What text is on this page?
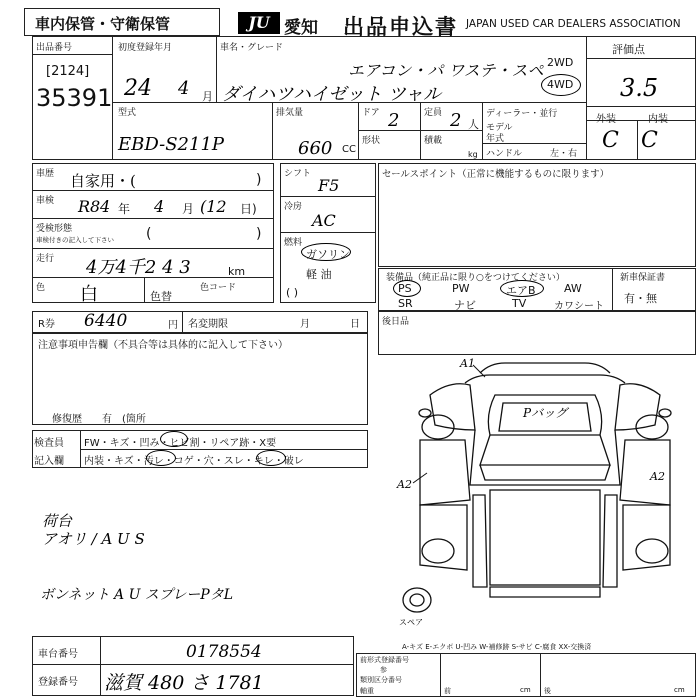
車内保管・守衛保管	JU 愛知 出品申込書 JAPAN USED CAR DEALERS ASSOCIATION
出品番号
[2124]
35391
初度登録年月
24 4 月
車名・グレード
エアコン・パ ワステ・スペ
ダイハツハイゼット ツャル
2WD
4WD
評価点
3.5
外装	内装
C C
型式
EBD-S211P
排気量
660 CC
ドア 2
形状
定員 2 人
積載
kg
ディーラー・並行
モデル
年式
ハンドル	左・右
車歴 自家用・(	)
車検 R8 4 年 4 月 (12 日)
受検形態
車検付きの記入して下さい (	)
走行 4万4千2 4 3	km
色 白	色替
色コード
シフト
F5
冷房
AC
燃料
ガソリン
軽 油
( )
セールスポイント（正常に機能するものに限ります）
装備品（純正品に限り○をつけてください）
PS	PW	エアB	AW
SR	ナビ	TV	カワシート
新車保証書
有・無
R券 6440	円 名変期限	月	日 後日品
注意事項申告欄（不具合等は具体的に記入して下さい）
修復歴　　有　(箇所
検査員
記入欄
FW・キズ・凹み・ヒビ割・リペア跡・X要
内装・キズ・汚レ・コゲ・穴・スレ・キレ・破レ
荷台
アオリ / A U S
ボンネット A U スプレーPタL
A1
Pバッグ
A2
A2
スペア
A-キズ E-エクボ U-凹み W-補修跡 S-サビ C-腐食 XX-交換済
前形式登録番号
参
類別区分番号
軸重	前	後
cm	cm
車台番号	0178554
登録番号 滋賀 480 さ 1781
